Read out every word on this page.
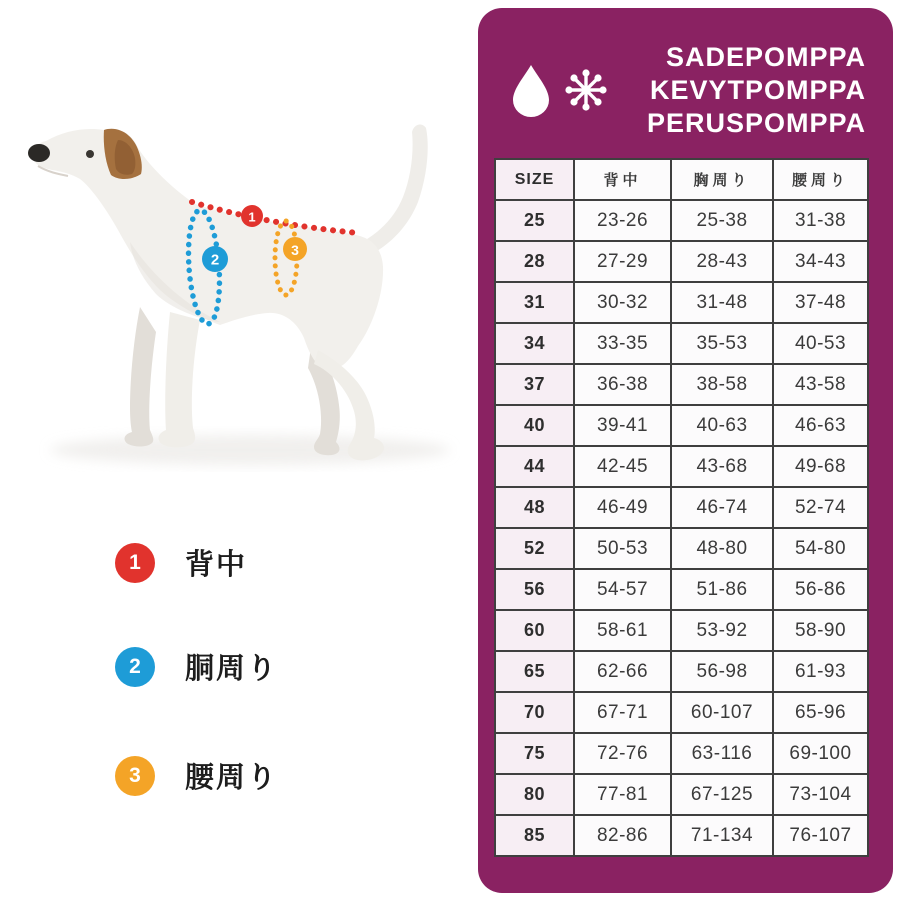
1
2
3
1	背中
2	胴周り
3	腰周り
SADEPOMPPA
KEVYTPOMPPA
PERUSPOMPPA
SIZE	背中	胸周り	腰周り
25	23-26	25-38	31-38
28	27-29	28-43	34-43
31	30-32	31-48	37-48
34	33-35	35-53	40-53
37	36-38	38-58	43-58
40	39-41	40-63	46-63
44	42-45	43-68	49-68
48	46-49	46-74	52-74
52	50-53	48-80	54-80
56	54-57	51-86	56-86
60	58-61	53-92	58-90
65	62-66	56-98	61-93
70	67-71	60-107	65-96
75	72-76	63-116	69-100
80	77-81	67-125	73-104
85	82-86	71-134	76-107
